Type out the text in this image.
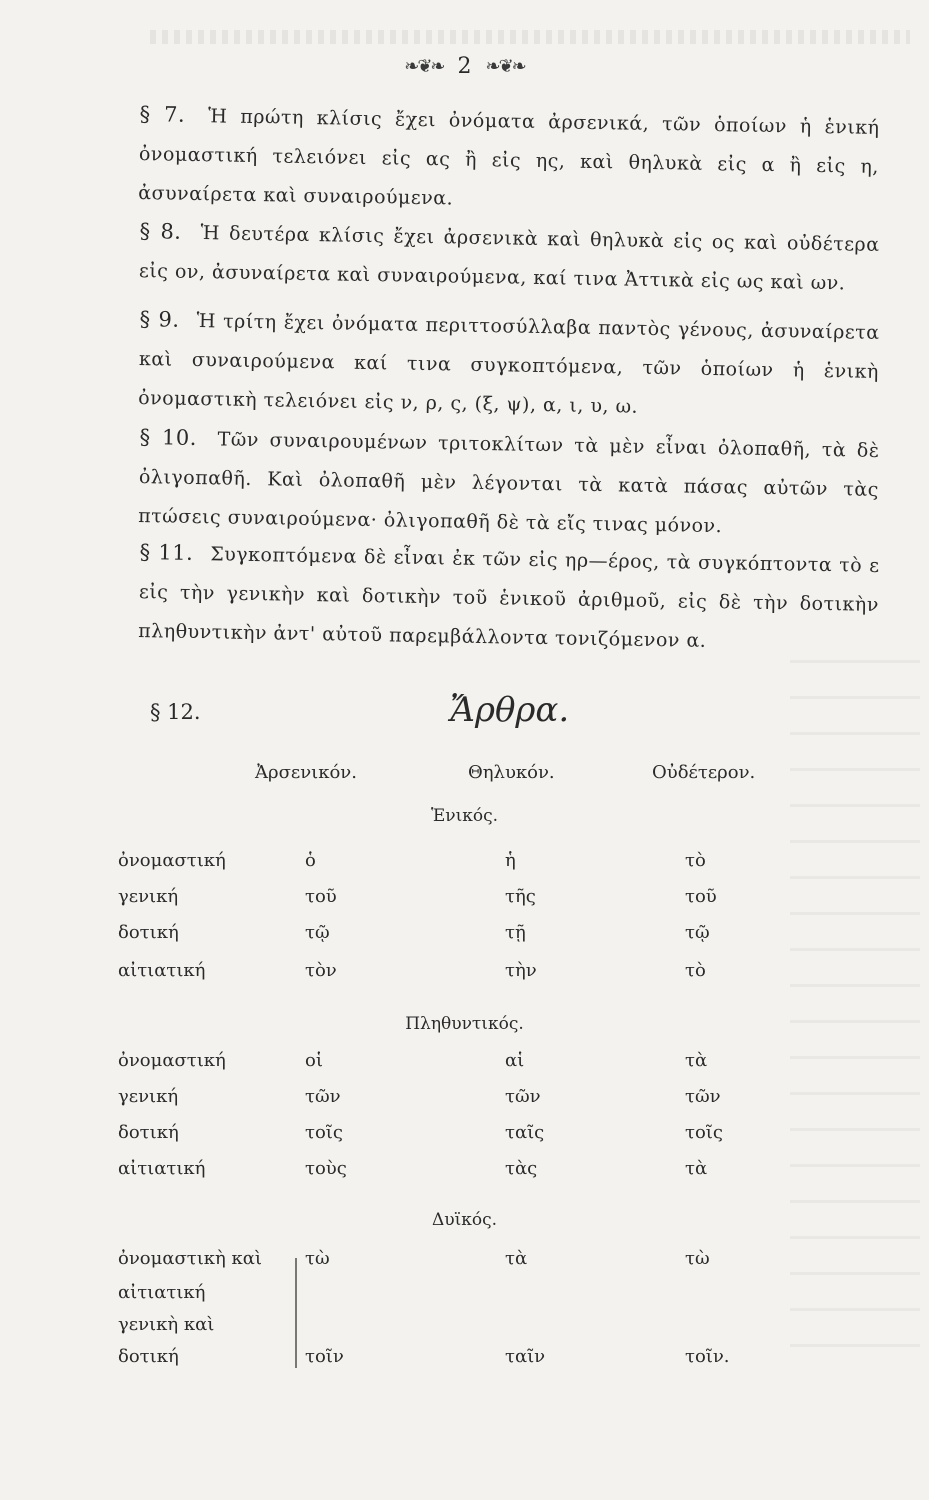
❧❦❧ 2 ❧❦❧
§ 7. Ἡ πρώτη κλίσις ἔχει ὀνόματα ἀρσενικά, τῶν ὁποίων ἡ ἑνική ὀνομαστική τελειόνει εἰς ας ἢ εἰς ης, καὶ θηλυκὰ εἰς α ἢ εἰς η, ἀσυναίρετα καὶ συναιρούμενα.
§ 8. Ἡ δευτέρα κλίσις ἔχει ἀρσενικὰ καὶ θηλυκὰ εἰς ος καὶ οὐδέτερα εἰς ον, ἀσυναίρετα καὶ συναιρούμενα, καί τινα Ἀττικὰ εἰς ως καὶ ων.
§ 9. Ἡ τρίτη ἔχει ὀνόματα περιττοσύλλαβα παντὸς γένους, ἀσυναίρετα καὶ συναιρούμενα καί τινα συγκοπτόμενα, τῶν ὁποίων ἡ ἑνικὴ ὀνομαστικὴ τελειόνει εἰς ν, ρ, ς, (ξ, ψ), α, ι, υ, ω.
§ 10. Τῶν συναιρουμένων τριτοκλίτων τὰ μὲν εἶναι ὀλοπαθῆ, τὰ δὲ ὀλιγοπαθῆ. Καὶ ὀλοπαθῆ μὲν λέγονται τὰ κατὰ πάσας αὐτῶν τὰς πτώσεις συναιρούμενα· ὀλιγοπαθῆ δὲ τὰ εἴς τινας μόνον.
§ 11. Συγκοπτόμενα δὲ εἶναι ἐκ τῶν εἰς ηρ—έρος, τὰ συγκόπτοντα τὸ ε εἰς τὴν γενικὴν καὶ δοτικὴν τοῦ ἑνικοῦ ἀριθμοῦ, εἰς δὲ τὴν δοτικὴν πληθυντικὴν ἀντ' αὐτοῦ παρεμβάλλοντα τονιζόμενον α.
§ 12.	Ἄρθρα.
Ἀρσενικόν.	Θηλυκόν.	Οὐδέτερον.
Ἑνικός.
ὀνομαστική	ὁ	ἡ	τὸ
γενική	τοῦ	τῆς	τοῦ
δοτική	τῷ	τῇ	τῷ
αἰτιατική	τὸν	τὴν	τὸ
Πληθυντικός.
ὀνομαστική	οἱ	αἱ	τὰ
γενική	τῶν	τῶν	τῶν
δοτική	τοῖς	ταῖς	τοῖς
αἰτιατική	τοὺς	τὰς	τὰ
Δυϊκός.
ὀνομαστικὴ καὶ τὼ	τὰ	τὼ
αἰτιατική
γενικὴ καὶ
δοτική	τοῖν	ταῖν	τοῖν.
